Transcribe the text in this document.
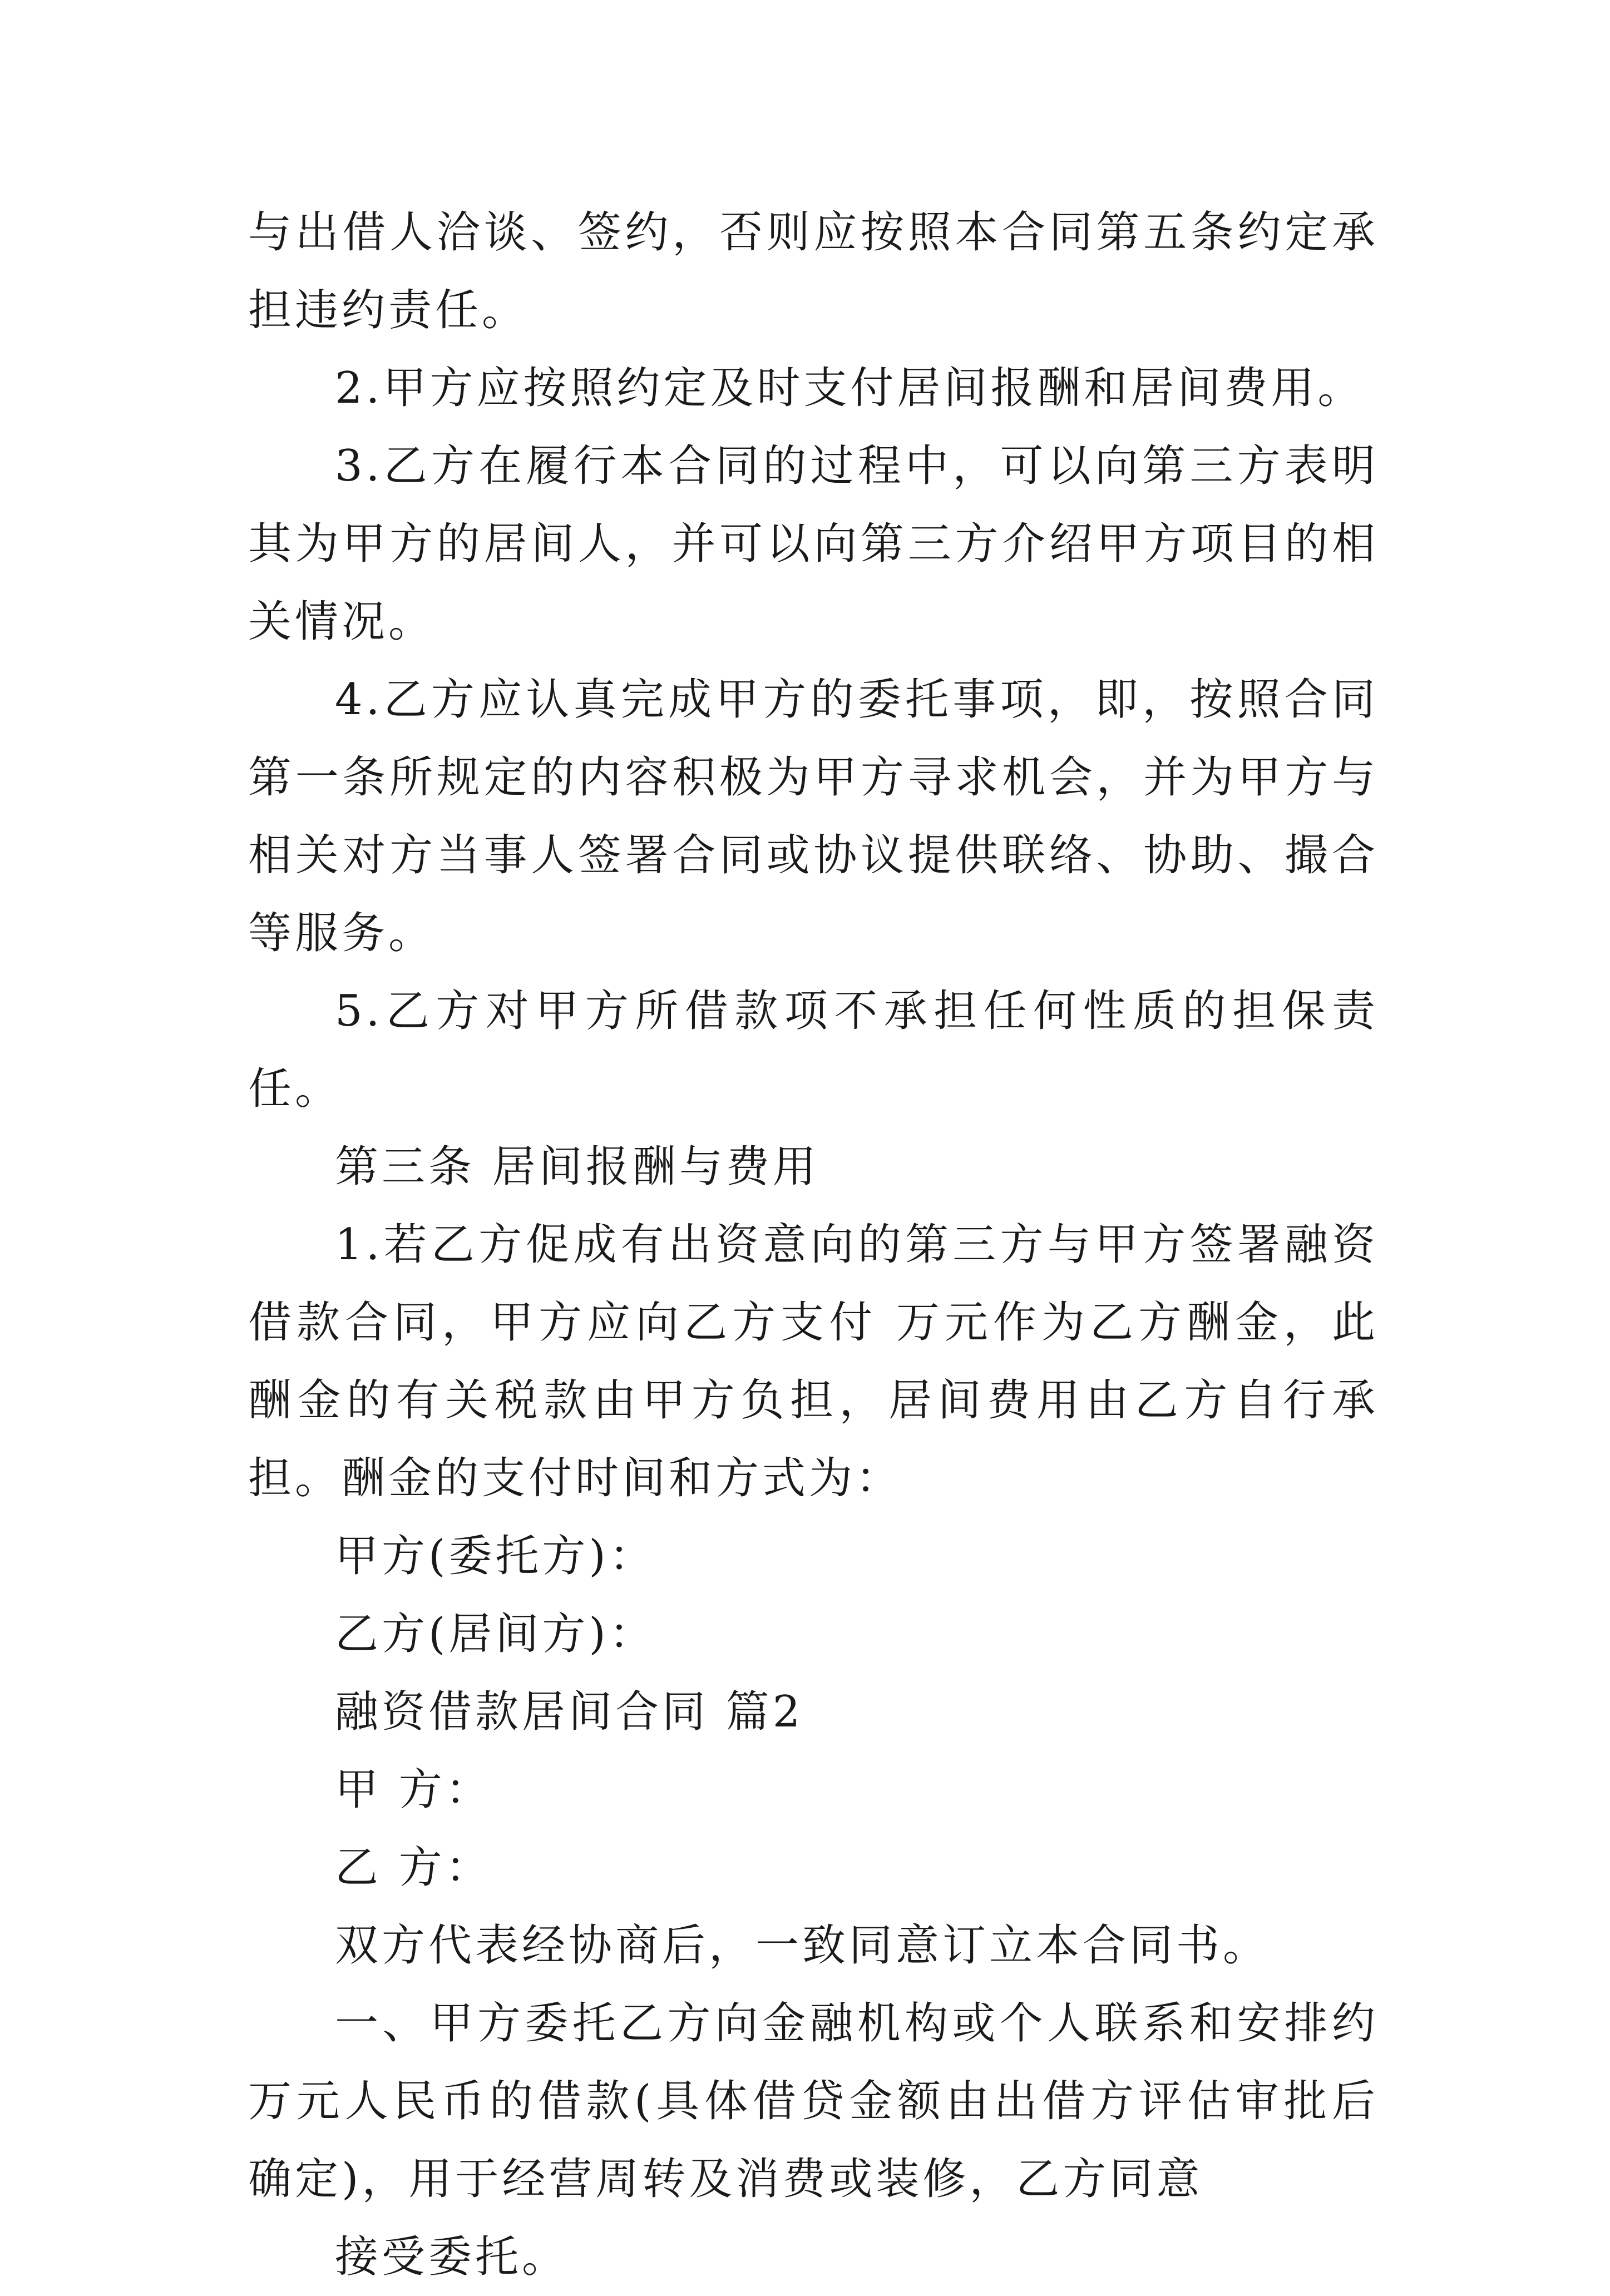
与出借人洽谈、签约，否则应按照本合同第五条约定承担违约责任。

2.甲方应按照约定及时支付居间报酬和居间费用。

3.乙方在履行本合同的过程中，可以向第三方表明其为甲方的居间人，并可以向第三方介绍甲方项目的相关情况。

4.乙方应认真完成甲方的委托事项，即，按照合同第一条所规定的内容积极为甲方寻求机会，并为甲方与相关对方当事人签署合同或协议提供联络、协助、撮合等服务。

5.乙方对甲方所借款项不承担任何性质的担保责任。

第三条 居间报酬与费用

1.若乙方促成有出资意向的第三方与甲方签署融资借款合同，甲方应向乙方支付 万元作为乙方酬金，此酬金的有关税款由甲方负担，居间费用由乙方自行承担。酬金的支付时间和方式为：

甲方(委托方)：

乙方(居间方)：

融资借款居间合同 篇2

甲 方：

乙 方：

双方代表经协商后，一致同意订立本合同书。

一、甲方委托乙方向金融机构或个人联系和安排约 万元人民币的借款(具体借贷金额由出借方评估审批后确定)，用于经营周转及消费或装修，乙方同意

接受委托。
